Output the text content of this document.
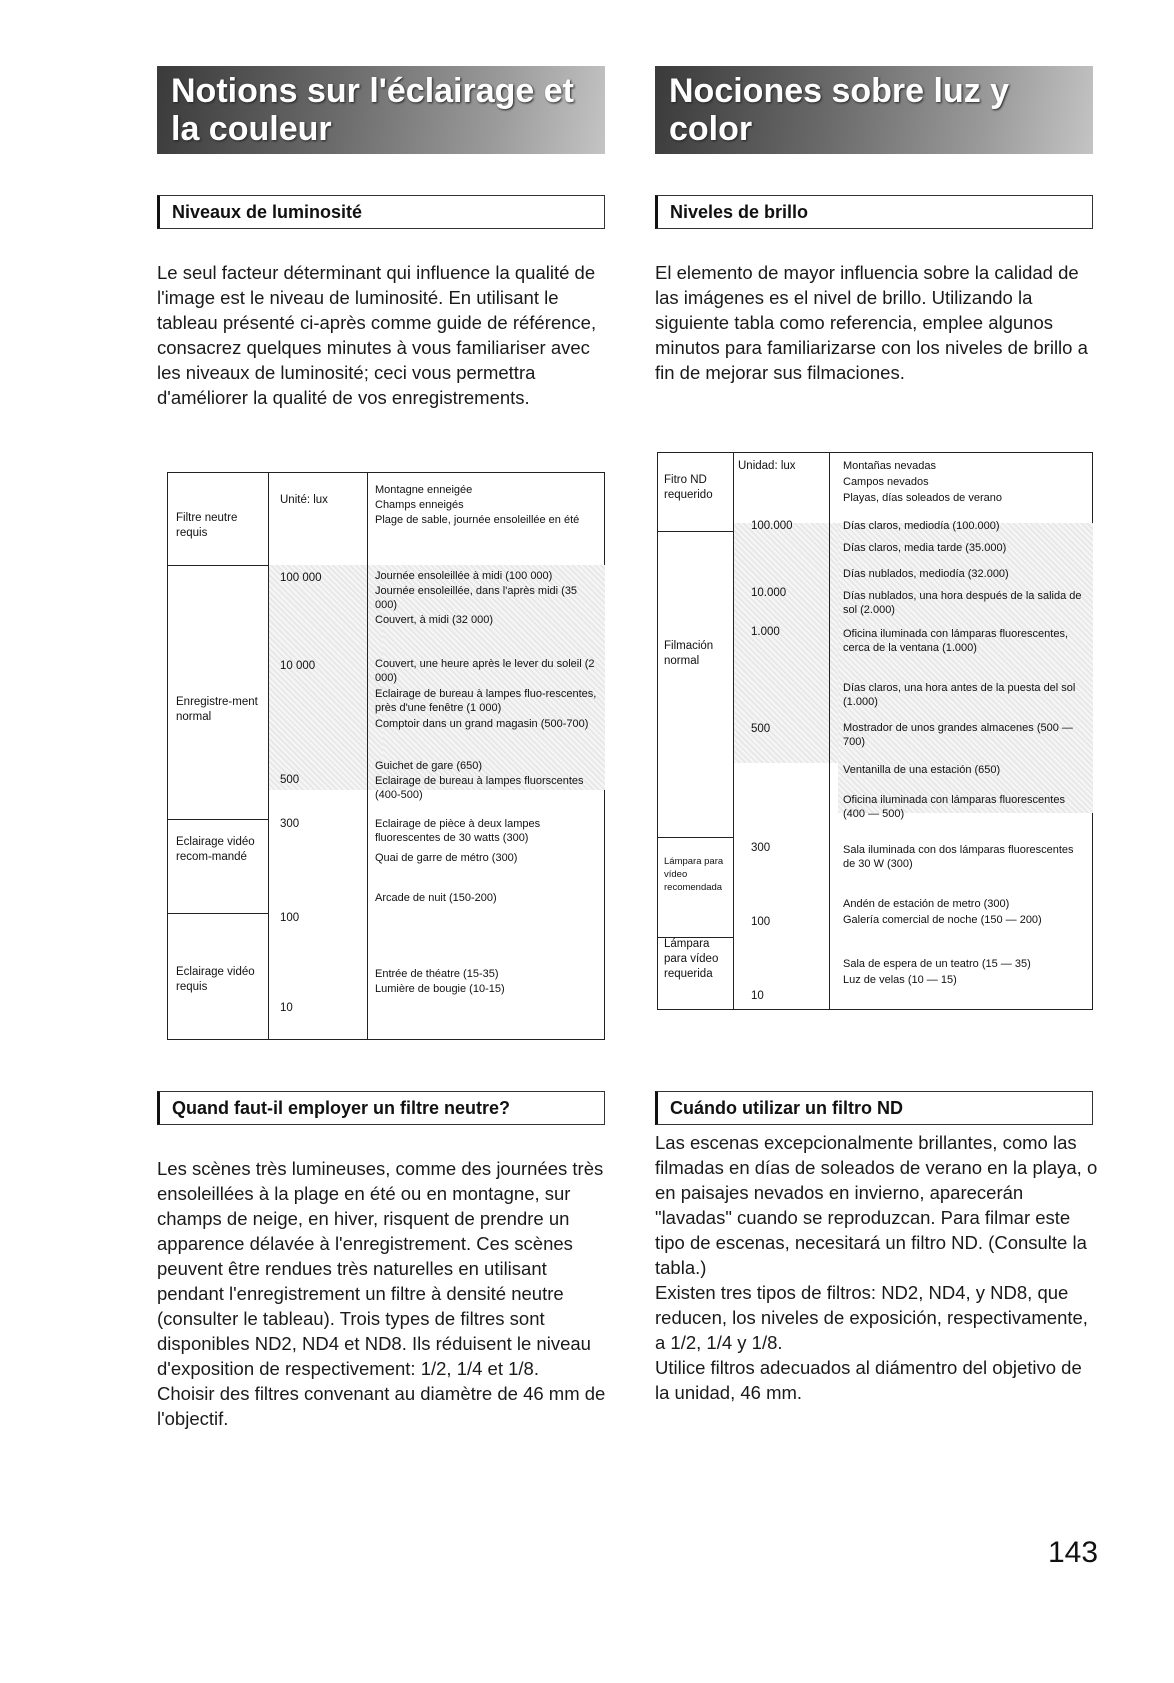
Notions sur l'éclairage et la couleur
Niveaux de luminosité

Le seul facteur déterminant qui influence la qualité de l'image est le niveau de luminosité. En utilisant le tableau présenté ci-après comme guide de référence, consacrez quelques minutes à vous familiariser avec les niveaux de luminosité; ceci vous permettra d'améliorer la qualité de vos enregistrements.

Filtre neutre requis
Enregistre-ment normal
Eclairage vidéo recom-mandé
Eclairage vidéo requis
Unité: lux
100 000
10 000
500
300
100
10
Montagne enneigée
Champs enneigés
Plage de sable, journée ensoleillée en été
Journée ensoleillée à midi (100 000)
Journée ensoleillée, dans l'après midi (35 000)
Couvert, à midi (32 000)
Couvert, une heure après le lever du soleil (2 000)
Eclairage de bureau à lampes fluo-rescentes, près d'une fenêtre (1 000)
Comptoir dans un grand magasin (500-700)
Guichet de gare (650)
Eclairage de bureau à lampes fluorscentes (400-500)
Eclairage de pièce à deux lampes fluorescentes de 30 watts (300)
Quai de garre de métro (300)
Arcade de nuit (150-200)
Entrée de théatre (15-35)
Lumière de bougie (10-15)
Quand faut-il employer un filtre neutre?

Les scènes très lumineuses, comme des journées très ensoleillées à la plage en été ou en montagne, sur champs de neige, en hiver, risquent de prendre un apparence délavée à l'enregistrement. Ces scènes peuvent être rendues très naturelles en utilisant pendant l'enregistrement un filtre à densité neutre (consulter le tableau). Trois types de filtres sont disponibles ND2, ND4 et ND8. Ils réduisent le niveau d'exposition de respectivement: 1/2, 1/4 et 1/8.

Choisir des filtres convenant au diamètre de 46 mm de l'objectif.

Nociones sobre luz y color
Niveles de brillo

El elemento de mayor influencia sobre la calidad de las imágenes es el nivel de brillo. Utilizando la siguiente tabla como referencia, emplee algunos minutos para familiarizarse con los niveles de brillo a fin de mejorar sus filmaciones.

Fitro ND requerido
Filmación normal
Lámpara para vídeo recomendada
Lámpara para vídeo requerida
Unidad: lux
100.000
10.000
1.000
500
300
100
10
Montañas nevadas
Campos nevados
Playas, días soleados de verano
Días claros, mediodía (100.000)
Días claros, media tarde (35.000)
Días nublados, mediodía (32.000)
Días nublados, una hora después de la salida de sol (2.000)
Oficina iluminada con lámparas fluorescentes, cerca de la ventana (1.000)
Días claros, una hora antes de la puesta del sol (1.000)
Mostrador de unos grandes almacenes (500 — 700)
Ventanilla de una estación (650)
Oficina iluminada con lámparas fluorescentes (400 — 500)
Sala iluminada con dos lámparas fluorescentes de 30 W (300)
Andén de estación de metro (300)
Galería comercial de noche (150 — 200)
Sala de espera de un teatro (15 — 35)
Luz de velas (10 — 15)
Cuándo utilizar un filtro ND

Las escenas excepcionalmente brillantes, como las filmadas en días de soleados de verano en la playa, o en paisajes nevados en invierno, aparecerán "lavadas" cuando se reproduzcan. Para filmar este tipo de escenas, necesitará un filtro ND. (Consulte la tabla.)

Existen tres tipos de filtros: ND2, ND4, y ND8, que reducen, los niveles de exposición, respectivamente, a 1/2, 1/4 y 1/8.

Utilice filtros adecuados al diámentro del objetivo de la unidad, 46 mm.

143
